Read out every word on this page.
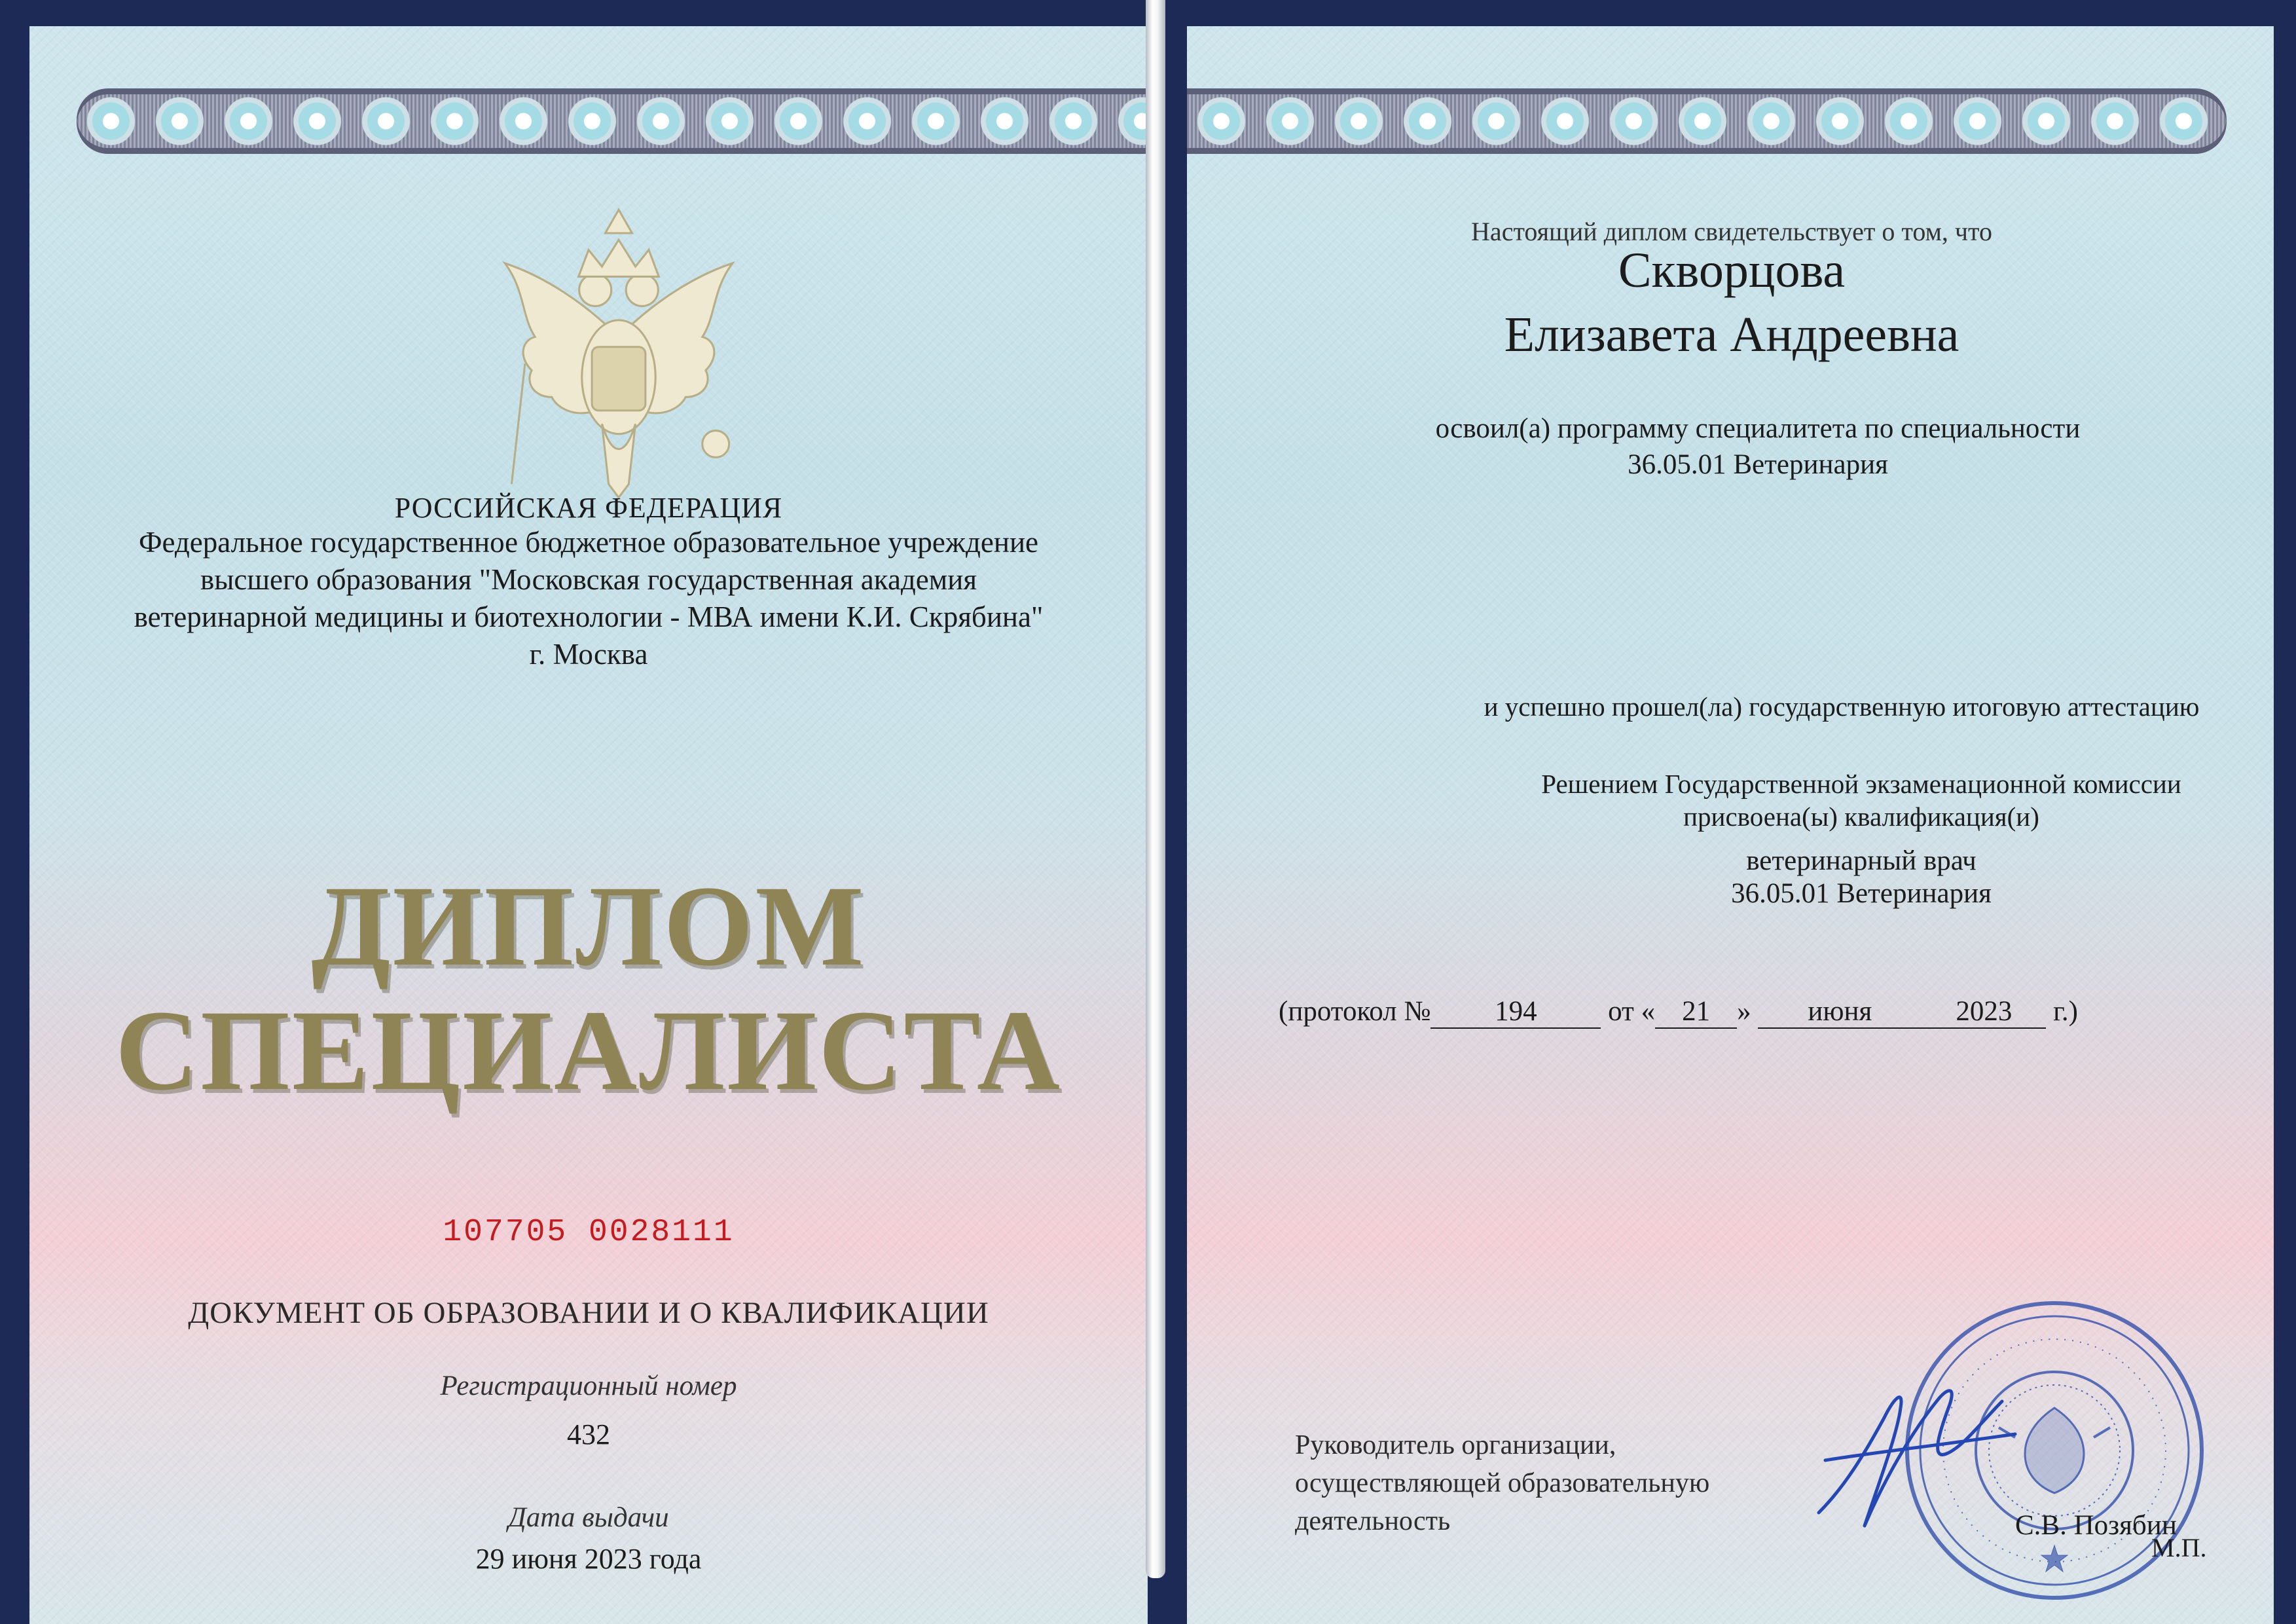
РОССИЙСКАЯ ФЕДЕРАЦИЯ
Федеральное государственное бюджетное образовательное учреждение
высшего образования "Московская государственная академия
ветеринарной медицины и биотехнологии - МВА имени К.И. Скрябина"
г. Москва
ДИПЛОМ
СПЕЦИАЛИСТА
107705 0028111
ДОКУМЕНТ ОБ ОБРАЗОВАНИИ И О КВАЛИФИКАЦИИ
Регистрационный номер
432
Дата выдачи
29 июня 2023 года
Настоящий диплом свидетельствует о том, что
Скворцова
Елизавета Андреевна
освоил(а) программу специалитета по специальности
36.05.01 Ветеринария
и успешно прошел(ла) государственную итоговую аттестацию
Решением Государственной экзаменационной комиссии
присвоена(ы) квалификация(и)
ветеринарный врач
36.05.01 Ветеринария
(протокол № 194	от « 21 » июня	2023 г.)
Руководитель организации,
осуществляющей образовательную
деятельность	С.В. Позябин
М.П.
